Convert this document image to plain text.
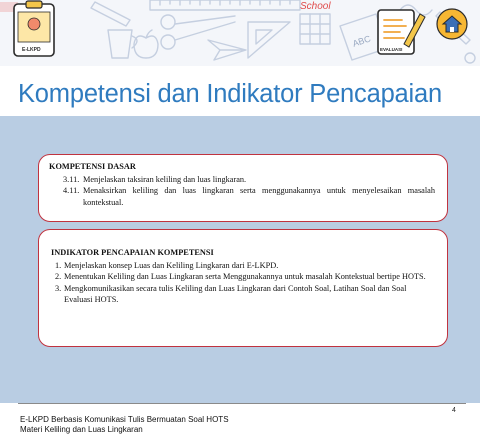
School
ABC
E-LKPD	EVALUASI
Kompetensi dan Indikator Pencapaian
KOMPETENSI DASAR
3.11. Menjelaskan taksiran keliling dan luas lingkaran.
4.11. Menaksirkan keliling dan luas lingkaran serta menggunakannya untuk menyelesaikan masalah kontekstual.
INDIKATOR PENCAPAIAN KOMPETENSI
1. Menjelaskan konsep Luas dan Keliling Lingkaran dari E-LKPD.
2. Menentukan Keliling dan Luas Lingkaran serta Menggunakannya untuk masalah Kontekstual bertipe HOTS.
3. Mengkomunikasikan secara tulis Keliling dan Luas Lingkaran dari Contoh Soal, Latihan Soal dan Soal Evaluasi HOTS.
4
E-LKPD Berbasis Komunikasi Tulis Bermuatan Soal HOTS
Materi Keliling dan Luas Lingkaran
